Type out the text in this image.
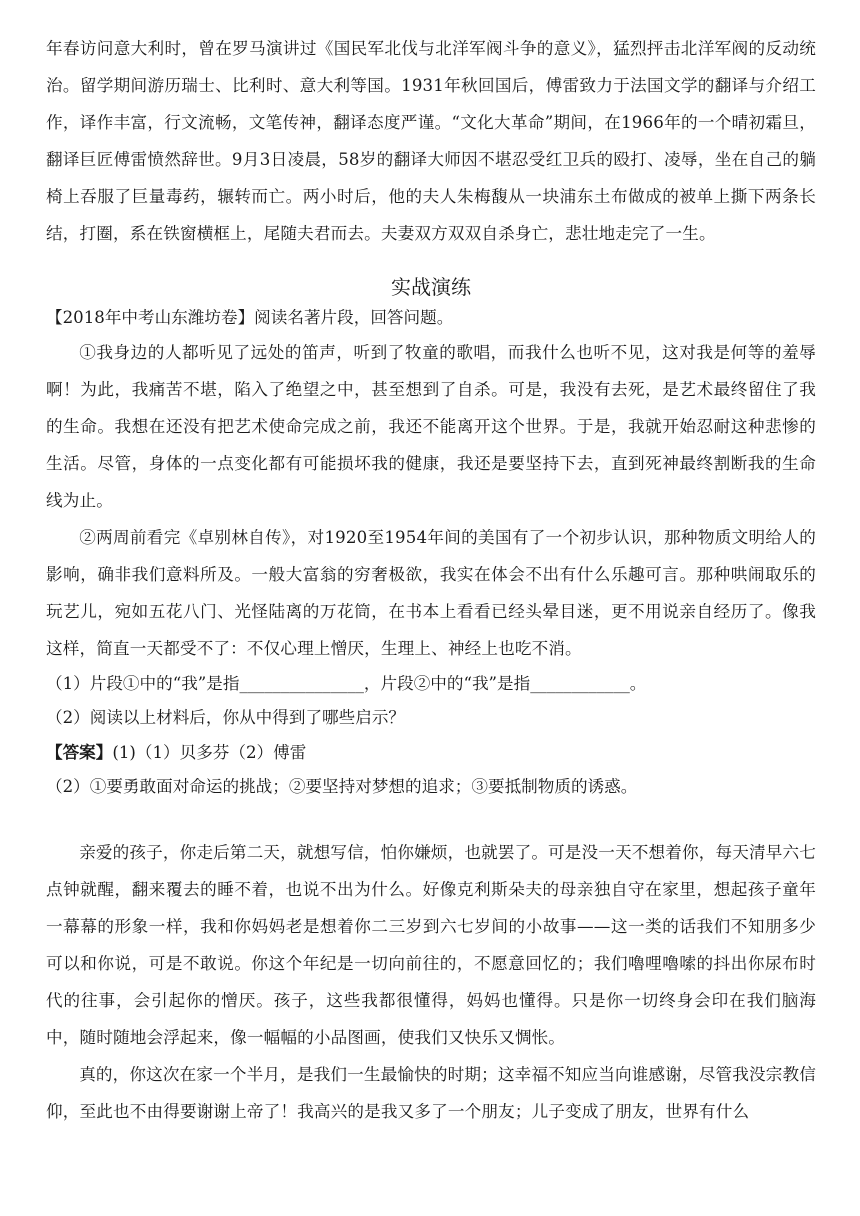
年春访问意大利时，曾在罗马演讲过《国民军北伐与北洋军阀斗争的意义》，猛烈抨击北洋军阀的反动统治。留学期间游历瑞士、比利时、意大利等国。1931年秋回国后，傅雷致力于法国文学的翻译与介绍工作，译作丰富，行文流畅，文笔传神，翻译态度严谨。“文化大革命”期间，在1966年的一个晴初霜旦，翻译巨匠傅雷愤然辞世。9月3日凌晨，58岁的翻译大师因不堪忍受红卫兵的殴打、凌辱，坐在自己的躺椅上吞服了巨量毒药，辗转而亡。两小时后，他的夫人朱梅馥从一块浦东土布做成的被单上撕下两条长结，打圈，系在铁窗横框上，尾随夫君而去。夫妻双方双双自杀身亡，悲壮地走完了一生。

实战演练

【2018年中考山东潍坊卷】阅读名著片段，回答问题。

①我身边的人都听见了远处的笛声，听到了牧童的歌唱，而我什么也听不见，这对我是何等的羞辱啊！为此，我痛苦不堪，陷入了绝望之中，甚至想到了自杀。可是，我没有去死，是艺术最终留住了我的生命。我想在还没有把艺术使命完成之前，我还不能离开这个世界。于是，我就开始忍耐这种悲惨的生活。尽管，身体的一点变化都有可能损坏我的健康，我还是要坚持下去，直到死神最终割断我的生命线为止。

②两周前看完《卓别林自传》，对1920至1954年间的美国有了一个初步认识，那种物质文明给人的影响，确非我们意料所及。一般大富翁的穷奢极欲，我实在体会不出有什么乐趣可言。那种哄闹取乐的玩艺儿，宛如五花八门、光怪陆离的万花筒，在书本上看看已经头晕目迷，更不用说亲自经历了。像我这样，简直一天都受不了：不仅心理上憎厌，生理上、神经上也吃不消。

（1）片段①中的“我”是指_______________，片段②中的“我”是指____________。

（2）阅读以上材料后，你从中得到了哪些启示？

【答案】(1)（1）贝多芬（2）傅雷

（2）①要勇敢面对命运的挑战；②要坚持对梦想的追求；③要抵制物质的诱惑。

亲爱的孩子，你走后第二天，就想写信，怕你嫌烦，也就罢了。可是没一天不想着你，每天清早六七点钟就醒，翻来覆去的睡不着，也说不出为什么。好像克利斯朵夫的母亲独自守在家里，想起孩子童年一幕幕的形象一样，我和你妈妈老是想着你二三岁到六七岁间的小故事——这一类的话我们不知朋多少可以和你说，可是不敢说。你这个年纪是一切向前往的，不愿意回忆的；我们嚕哩嚕嗦的抖出你尿布时代的往事，会引起你的憎厌。孩子，这些我都很懂得，妈妈也懂得。只是你一切终身会印在我们脑海中，随时随地会浮起来，像一幅幅的小品图画，使我们又快乐又惆怅。

真的，你这次在家一个半月，是我们一生最愉快的时期；这幸福不知应当向谁感谢，尽管我没宗教信仰，至此也不由得要谢谢上帝了！我高兴的是我又多了一个朋友；儿子变成了朋友，世界有什么
